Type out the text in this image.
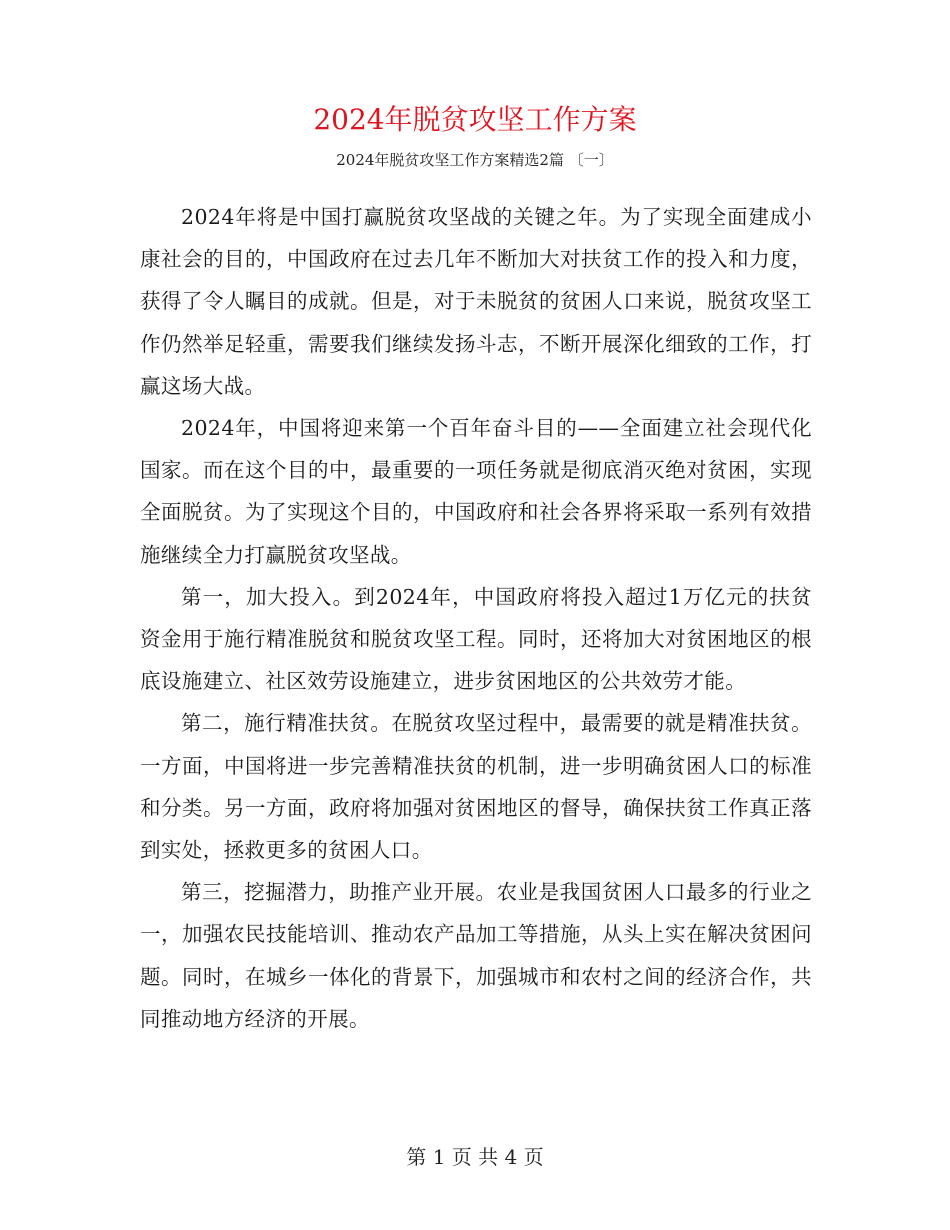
2024年脱贫攻坚工作方案
2024年脱贫攻坚工作方案精选2篇 〔一〕

2024年将是中国打赢脱贫攻坚战的关键之年。为了实现全面建成小康社会的目的，中国政府在过去几年不断加大对扶贫工作的投入和力度，获得了令人瞩目的成就。但是，对于未脱贫的贫困人口来说，脱贫攻坚工作仍然举足轻重，需要我们继续发扬斗志，不断开展深化细致的工作，打赢这场大战。

2024年，中国将迎来第一个百年奋斗目的——全面建立社会现代化国家。而在这个目的中，最重要的一项任务就是彻底消灭绝对贫困，实现全面脱贫。为了实现这个目的，中国政府和社会各界将采取一系列有效措施继续全力打赢脱贫攻坚战。

第一，加大投入。到2024年，中国政府将投入超过1万亿元的扶贫资金用于施行精准脱贫和脱贫攻坚工程。同时，还将加大对贫困地区的根底设施建立、社区效劳设施建立，进步贫困地区的公共效劳才能。

第二，施行精准扶贫。在脱贫攻坚过程中，最需要的就是精准扶贫。一方面，中国将进一步完善精准扶贫的机制，进一步明确贫困人口的标准和分类。另一方面，政府将加强对贫困地区的督导，确保扶贫工作真正落到实处，拯救更多的贫困人口。

第三，挖掘潜力，助推产业开展。农业是我国贫困人口最多的行业之一，加强农民技能培训、推动农产品加工等措施，从头上实在解决贫困问题。同时，在城乡一体化的背景下，加强城市和农村之间的经济合作，共同推动地方经济的开展。

第 1 页 共 4 页
